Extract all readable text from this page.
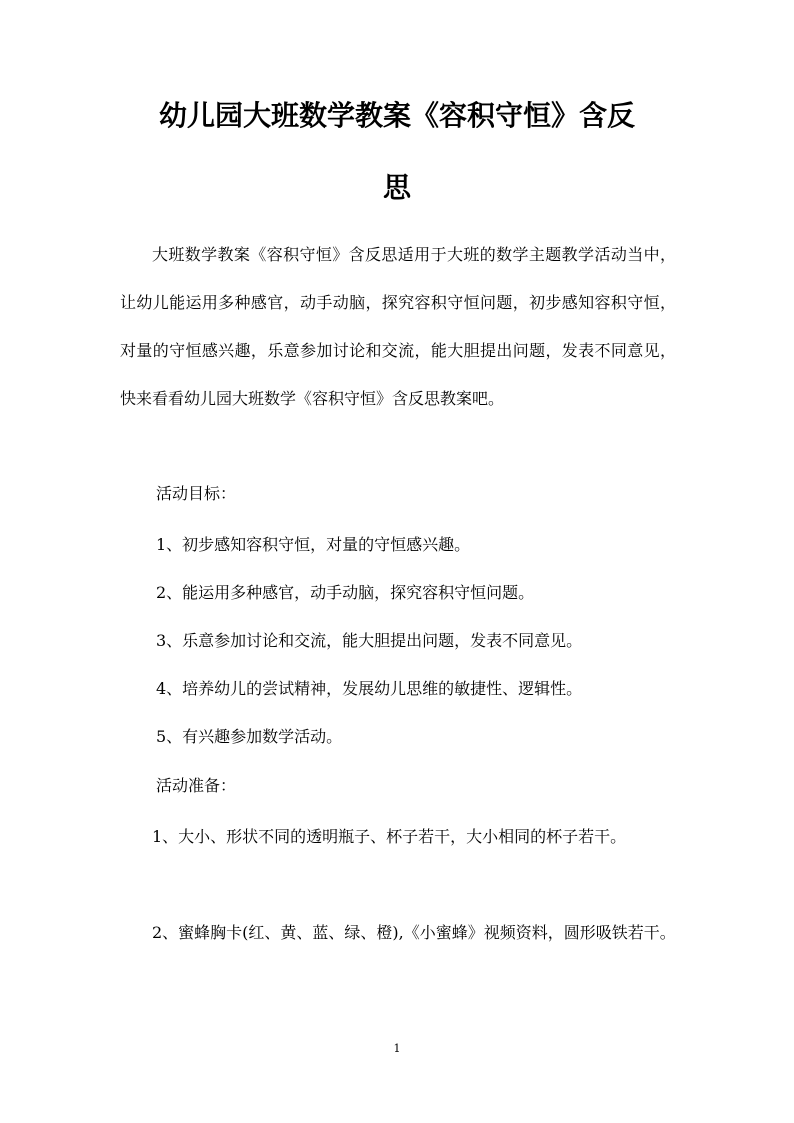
幼儿园大班数学教案《容积守恒》含反
思

大班数学教案《容积守恒》含反思适用于大班的数学主题教学活动当中，让幼儿能运用多种感官，动手动脑，探究容积守恒问题，初步感知容积守恒，对量的守恒感兴趣，乐意参加讨论和交流，能大胆提出问题，发表不同意见，快来看看幼儿园大班数学《容积守恒》含反思教案吧。

活动目标：

1、初步感知容积守恒，对量的守恒感兴趣。

2、能运用多种感官，动手动脑，探究容积守恒问题。

3、乐意参加讨论和交流，能大胆提出问题，发表不同意见。

4、培养幼儿的尝试精神，发展幼儿思维的敏捷性、逻辑性。

5、有兴趣参加数学活动。

活动准备：

1、大小、形状不同的透明瓶子、杯子若干，大小相同的杯子若干。

2、蜜蜂胸卡(红、黄、蓝、绿、橙),《小蜜蜂》视频资料，圆形吸铁若干。

1
